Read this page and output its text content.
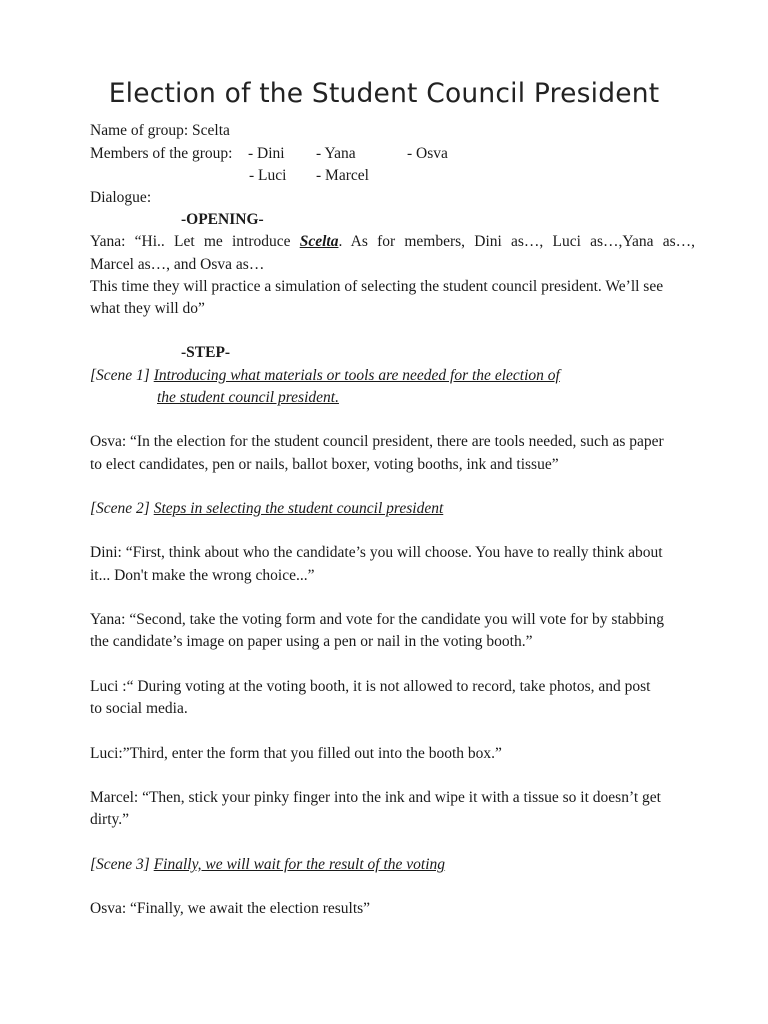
Election of the Student Council President
Name of group: Scelta
Members of the group: - Dini - Yana	- Osva
- Luci - Marcel
Dialogue:
-OPENING-
Yana: “Hi.. Let me introduce Scelta. As for members, Dini as…, Luci as…,Yana as…,
Marcel as…, and Osva as…
This time they will practice a simulation of selecting the student council president. We’ll see
what they will do”
-STEP-
[Scene 1] Introducing what materials or tools are needed for the election of
the student council president.
Osva: “In the election for the student council president, there are tools needed, such as paper
to elect candidates, pen or nails, ballot boxer, voting booths, ink and tissue”
[Scene 2] Steps in selecting the student council president
Dini: “First, think about who the candidate’s you will choose. You have to really think about
it... Don't make the wrong choice...”
Yana: “Second, take the voting form and vote for the candidate you will vote for by stabbing
the candidate’s image on paper using a pen or nail in the voting booth.”
Luci :“ During voting at the voting booth, it is not allowed to record, take photos, and post
to social media.
Luci:”Third, enter the form that you filled out into the booth box.”
Marcel: “Then, stick your pinky finger into the ink and wipe it with a tissue so it doesn’t get
dirty.”
[Scene 3] Finally, we will wait for the result of the voting
Osva: “Finally, we await the election results”
